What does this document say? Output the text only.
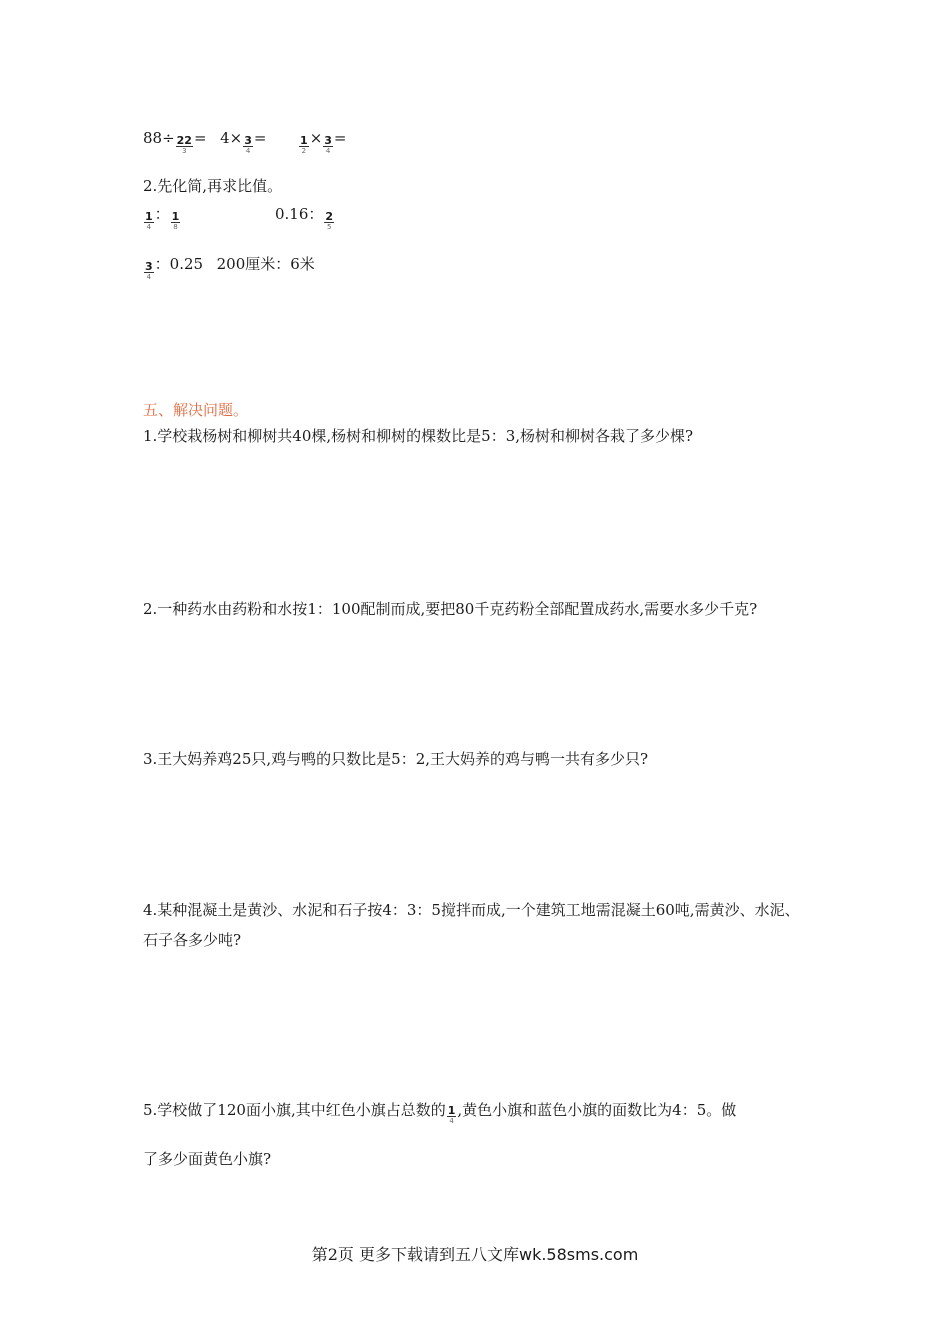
$88\div \frac{22}{3} = 4\times \frac{3}{4}$ =	$\frac{1}{2} \times \frac{3}{4}$ =
2.先化简,再求比值。
$\frac{1}{4}$ ： $\frac{1}{8}$	0.16： $\frac{2}{5}$
$\frac{3}{4}$ ：0.25 200厘米：6米
五、解决问题。
1.学校栽杨树和柳树共40棵,杨树和柳树的棵数比是5：3,杨树和柳树各栽了多少棵?
2.一种药水由药粉和水按1：100配制而成,要把80千克药粉全部配置成药水,需要水多少千克?
3.王大妈养鸡25只,鸡与鸭的只数比是5：2,王大妈养的鸡与鸭一共有多少只?
4.某种混凝土是黄沙、水泥和石子按4：3：5搅拌而成,一个建筑工地需混凝土60吨,需黄沙、水泥、石子各多少吨?
5.学校做了120面小旗,其中红色小旗占总数的 $\frac{1}{4}$ ,黄色小旗和蓝色小旗的面数比为4：5。做
了多少面黄色小旗?
第2页 更多下载请到五八文库wk.58sms.com
